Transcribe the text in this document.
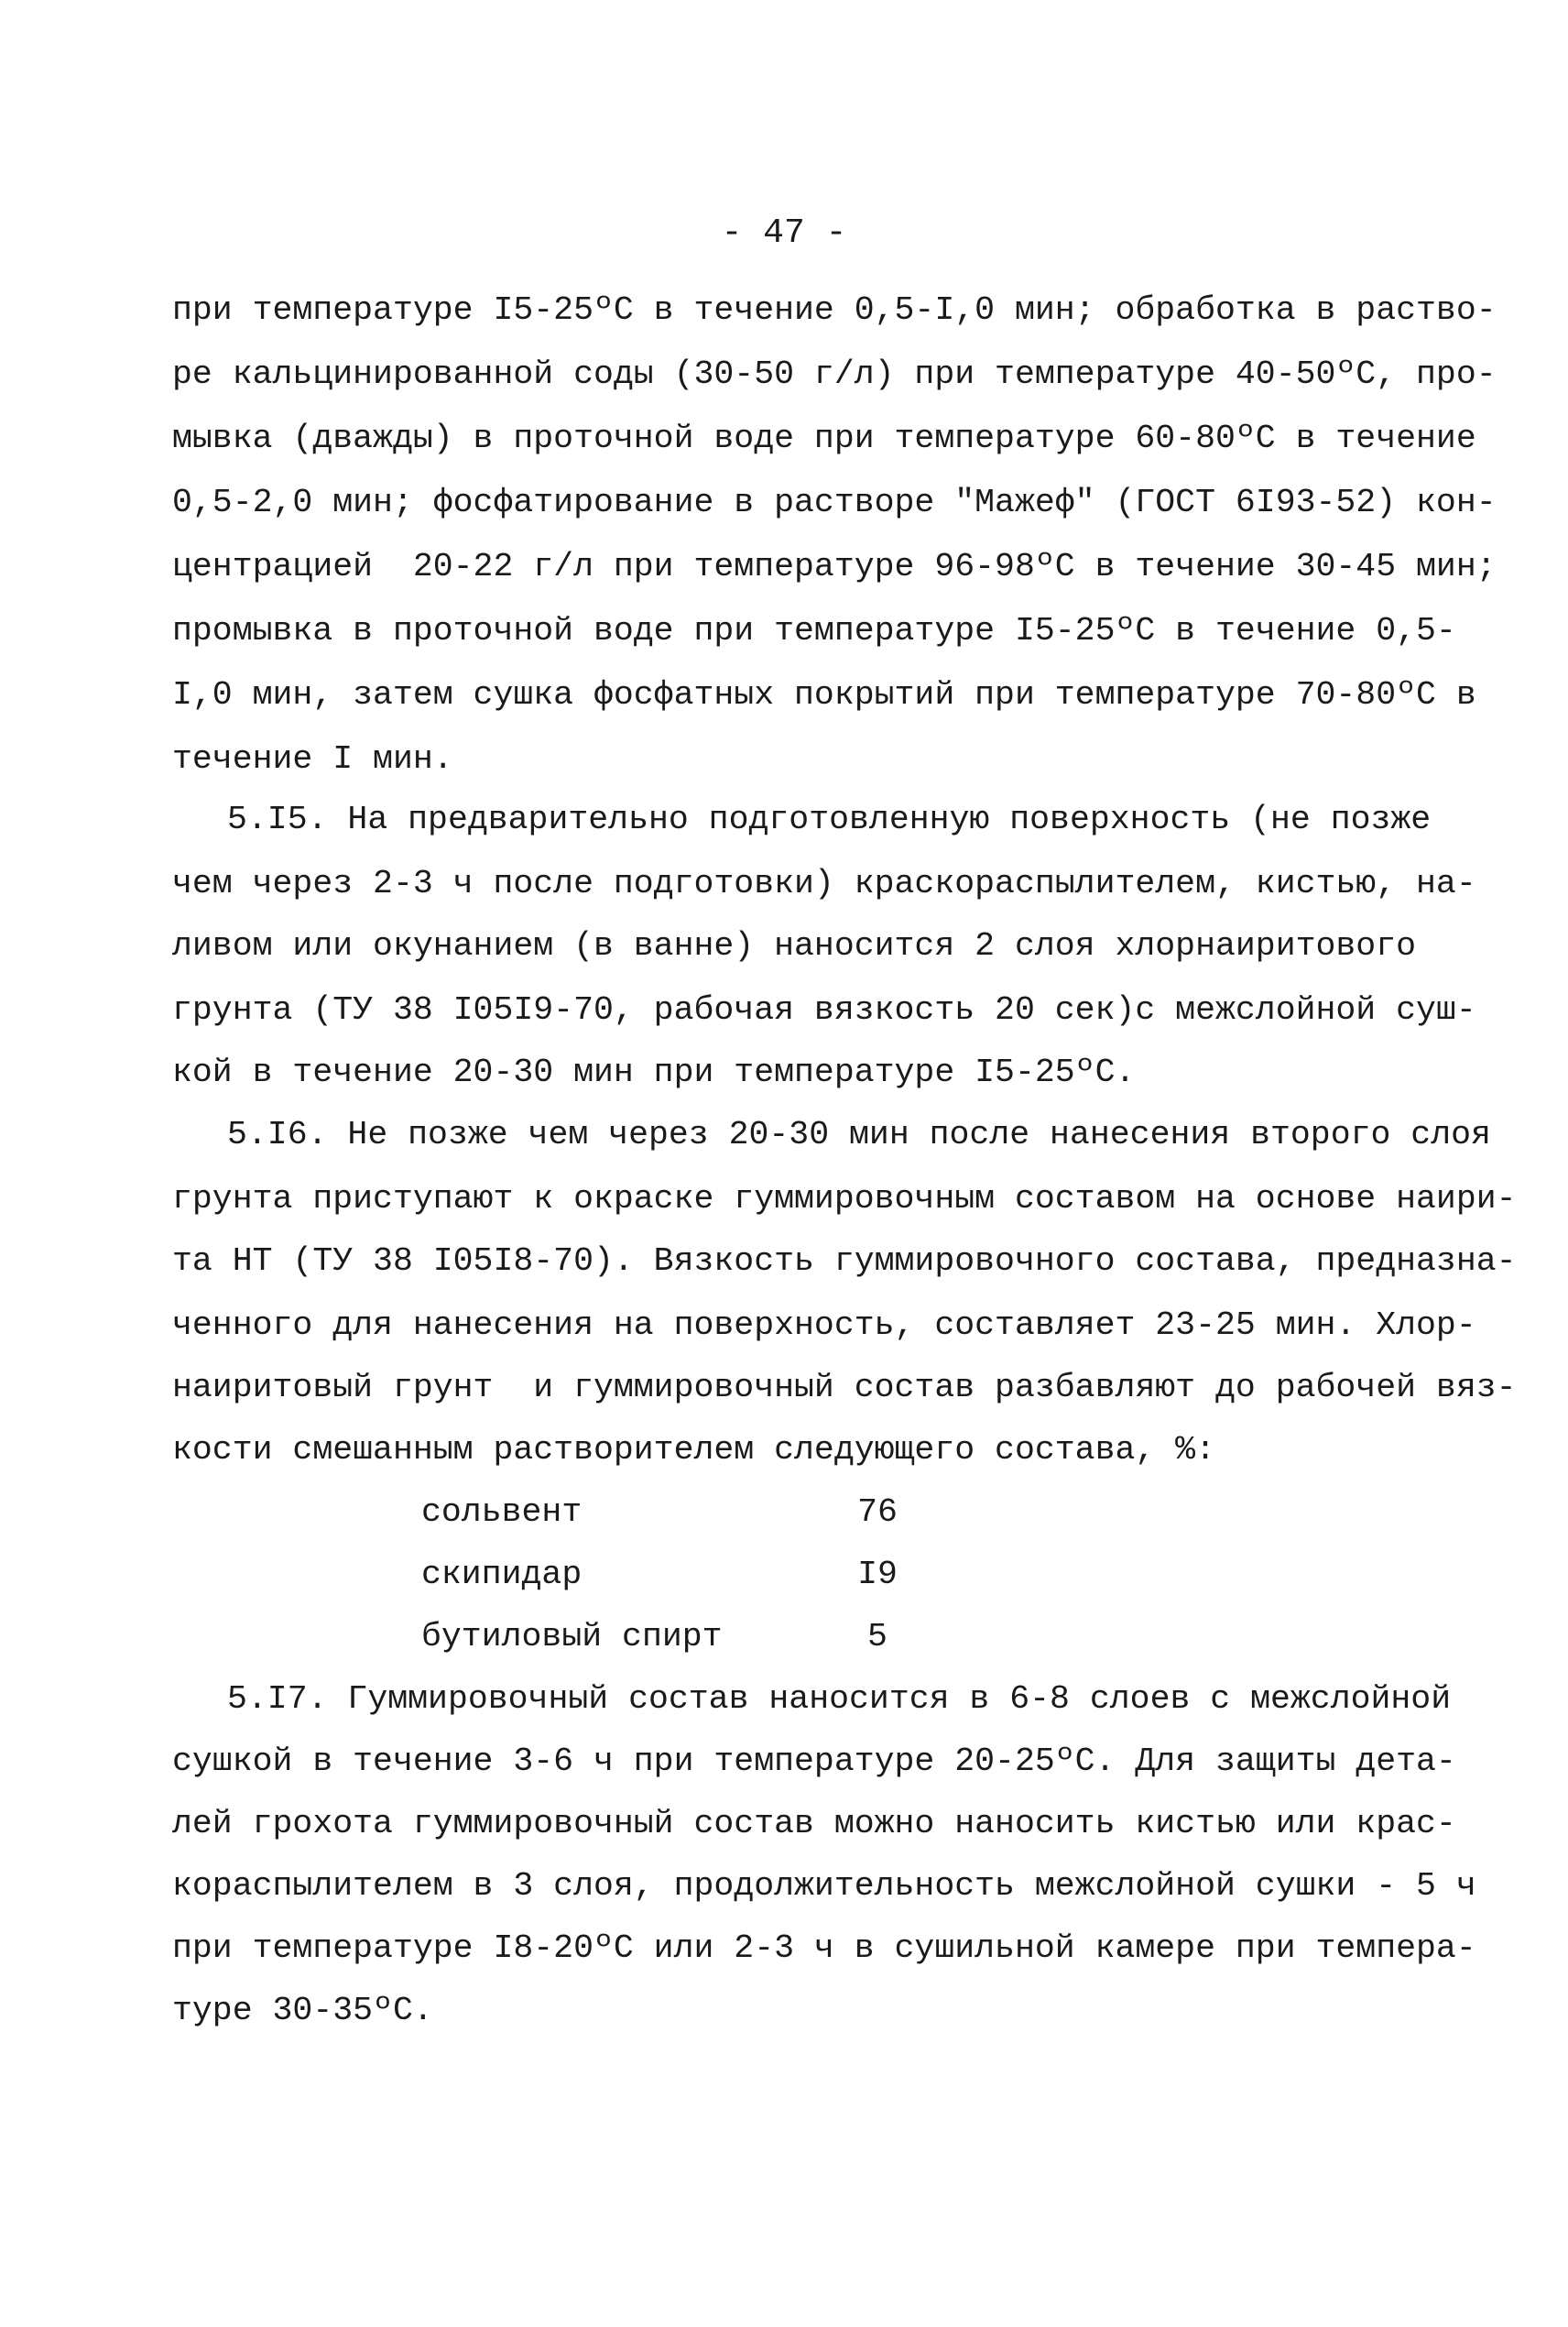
- 47 -
при температуре I5-25ºС в течение 0,5-I,0 мин; обработка в раство-
ре кальцинированной соды (30-50 г/л) при температуре 40-50ºС, про-
мывка (дважды) в проточной воде при температуре 60-80ºС в течение
0,5-2,0 мин; фосфатирование в растворе "Мажеф" (ГОСТ 6I93-52) кон-
центрацией  20-22 г/л при температуре 96-98ºС в течение 30-45 мин;
промывка в проточной воде при температуре I5-25ºС в течение 0,5-
I,0 мин, затем сушка фосфатных покрытий при температуре 70-80ºС в
течение I мин.
5.I5. На предварительно подготовленную поверхность (не позже
чем через 2-3 ч после подготовки) краскораспылителем, кистью, на-
ливом или окунанием (в ванне) наносится 2 слоя хлорнаиритового
грунта (ТУ 38 I05I9-70, рабочая вязкость 20 сек)с межслойной суш-
кой в течение 20-30 мин при температуре I5-25ºС.
5.I6. Не позже чем через 20-30 мин после нанесения второго слоя
грунта приступают к окраске гуммировочным составом на основе наири-
та НТ (ТУ 38 I05I8-70). Вязкость гуммировочного состава, предназна-
ченного для нанесения на поверхность, составляет 23-25 мин. Хлор-
наиритовый грунт  и гуммировочный состав разбавляют до рабочей вяз-
кости смешанным растворителем следующего состава, %:
сольвент	76
скипидар	I9
бутиловый спирт	5
5.I7. Гуммировочный состав наносится в 6-8 слоев с межслойной
сушкой в течение 3-6 ч при температуре 20-25ºС. Для защиты дета-
лей грохота гуммировочный состав можно наносить кистью или крас-
кораспылителем в 3 слоя, продолжительность межслойной сушки - 5 ч
при температуре I8-20ºС или 2-3 ч в сушильной камере при темпера-
туре 30-35ºС.
